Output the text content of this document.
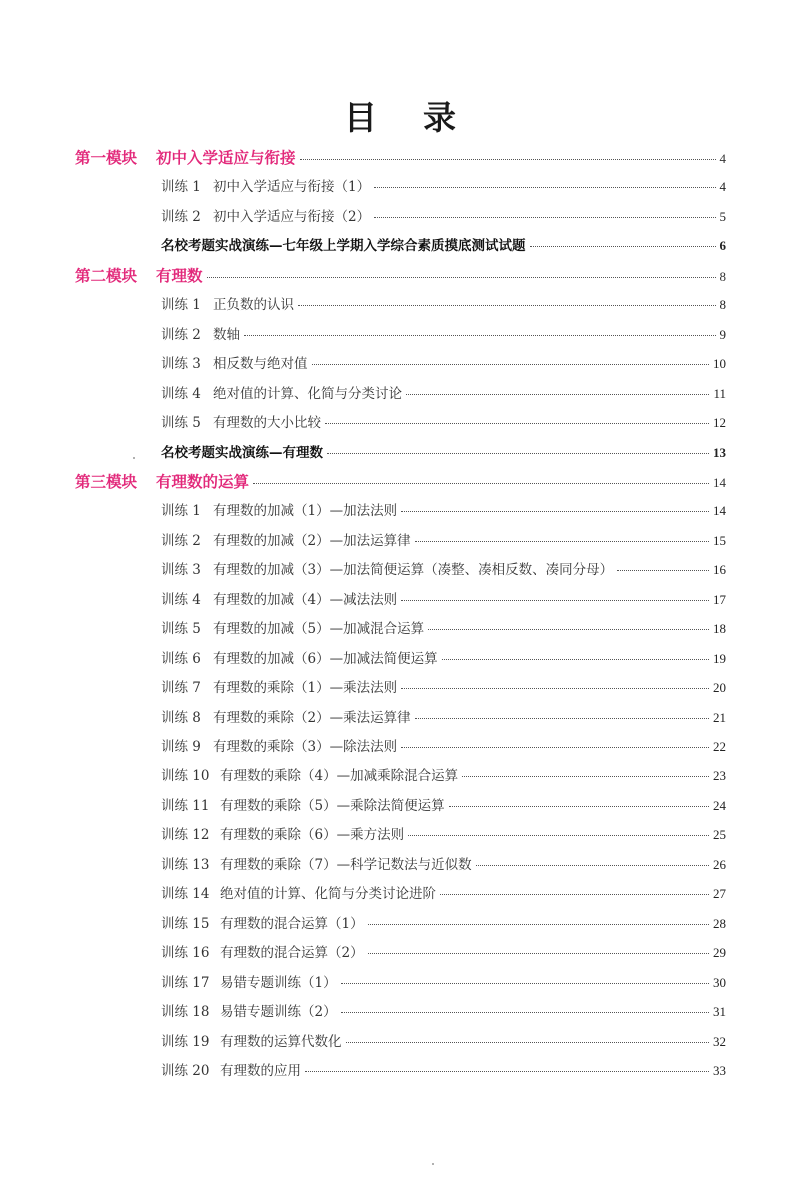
目录
第一模块	初中入学适应与衔接	4
训练 1 初中入学适应与衔接（1）	4
训练 2 初中入学适应与衔接（2）	5
名校考题实战演练—七年级上学期入学综合素质摸底测试试题	6
第二模块	有理数	8
训练 1 正负数的认识	8
训练 2 数轴	9
训练 3 相反数与绝对值	10
训练 4 绝对值的计算、化简与分类讨论	11
训练 5 有理数的大小比较	12
名校考题实战演练—有理数	13
第三模块	有理数的运算	14
训练 1 有理数的加减（1）—加法法则	14
训练 2 有理数的加减（2）—加法运算律	15
训练 3 有理数的加减（3）—加法简便运算（凑整、凑相反数、凑同分母）	16
训练 4 有理数的加减（4）—减法法则	17
训练 5 有理数的加减（5）—加减混合运算	18
训练 6 有理数的加减（6）—加减法简便运算	19
训练 7 有理数的乘除（1）—乘法法则	20
训练 8 有理数的乘除（2）—乘法运算律	21
训练 9 有理数的乘除（3）—除法法则	22
训练 10 有理数的乘除（4）—加减乘除混合运算	23
训练 11 有理数的乘除（5）—乘除法简便运算	24
训练 12 有理数的乘除（6）—乘方法则	25
训练 13 有理数的乘除（7）—科学记数法与近似数	26
训练 14 绝对值的计算、化简与分类讨论进阶	27
训练 15 有理数的混合运算（1）	28
训练 16 有理数的混合运算（2）	29
训练 17 易错专题训练（1）	30
训练 18 易错专题训练（2）	31
训练 19 有理数的运算代数化	32
训练 20 有理数的应用	33
